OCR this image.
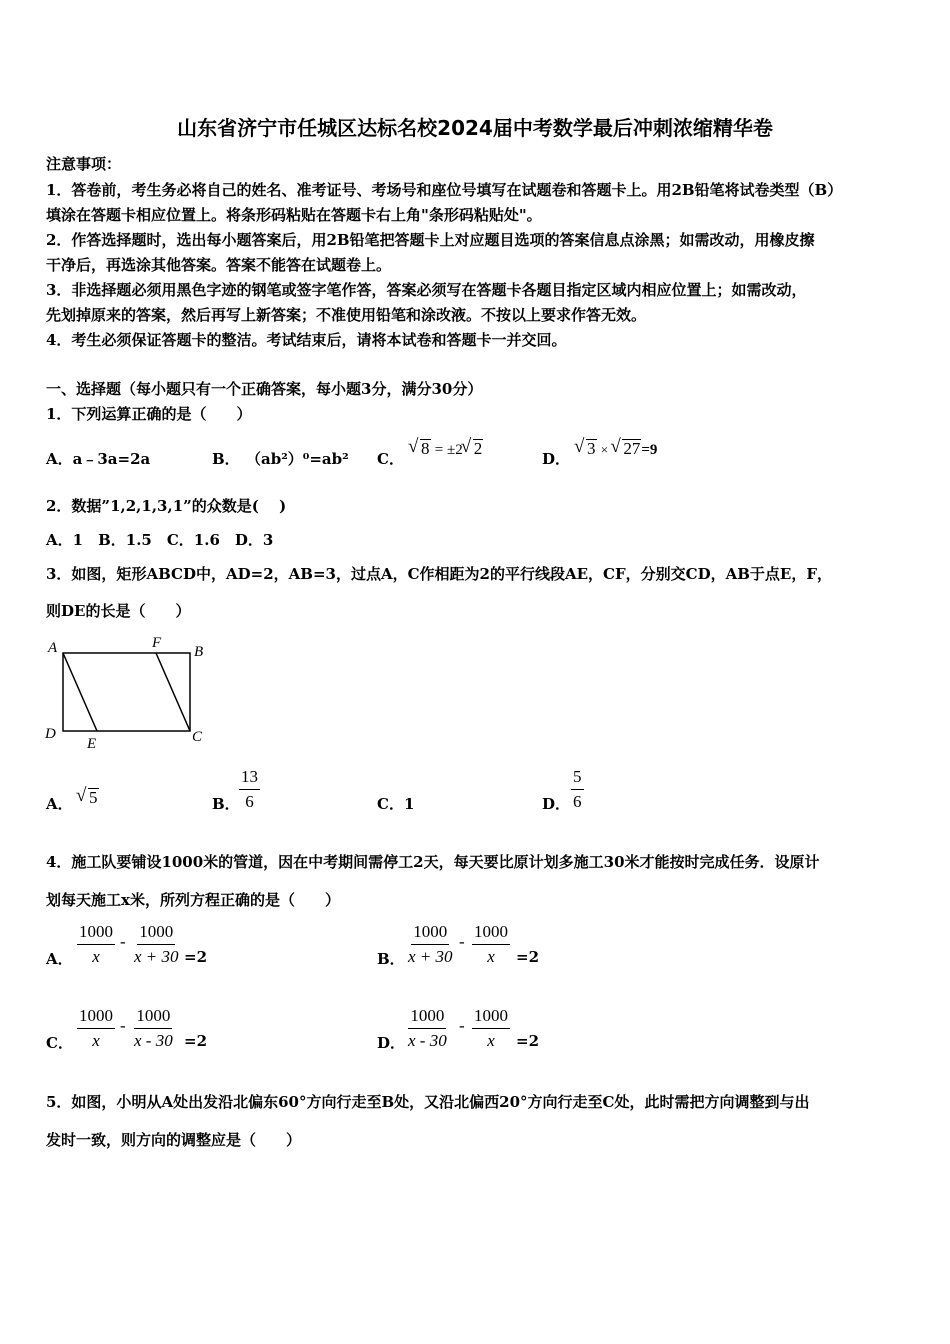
山东省济宁市任城区达标名校2024届中考数学最后冲刺浓缩精华卷
注意事项：
1．答卷前，考生务必将自己的姓名、准考证号、考场号和座位号填写在试题卷和答题卡上。用2B铅笔将试卷类型（B）
填涂在答题卡相应位置上。将条形码粘贴在答题卡右上角"条形码粘贴处"。
2．作答选择题时，选出每小题答案后，用2B铅笔把答题卡上对应题目选项的答案信息点涂黑；如需改动，用橡皮擦
干净后，再选涂其他答案。答案不能答在试题卷上。
3．非选择题必须用黑色字迹的钢笔或签字笔作答，答案必须写在答题卡各题目指定区域内相应位置上；如需改动，
先划掉原来的答案，然后再写上新答案；不准使用铅笔和涂改液。不按以上要求作答无效。
4．考生必须保证答题卡的整洁。考试结束后，请将本试卷和答题卡一并交回。
一、选择题（每小题只有一个正确答案，每小题3分，满分30分）
1．下列运算正确的是（　　）
A．a﹣3a=2a	B． （ab²）⁰=ab² C．
√ 8 = ±2 √ 2
D．
√ 3 × √ 27=9
2．数据”1,2,1,3,1”的众数是(　 )
A．1　B．1.5　C．1.6　D．3
3．如图，矩形ABCD中，AD=2，AB=3，过点A，C作相距为2的平行线段AE，CF，分别交CD，AB于点E，F，
则DE的长是（　　）
A	F
B
D
E	C
A． √ 5	B． $\frac{13}{6}$	C．1	D． $\frac{5}{6}$
4．施工队要铺设1000米的管道，因在中考期间需停工2天，每天要比原计划多施工30米才能按时完成任务．设原计
划每天施工x米，所列方程正确的是（　　）
A． $\frac{1000}{x} - \frac{1000}{x + 30} =2$	B． $\frac{1000}{x + 30} - \frac{1000}{x} =2$
C． $\frac{1000}{x} - \frac{1000}{x - 30} =2$	D． $\frac{1000}{x - 30} - \frac{1000}{x} =2$
5．如图，小明从A处出发沿北偏东60°方向行走至B处，又沿北偏西20°方向行走至C处，此时需把方向调整到与出
发时一致，则方向的调整应是（　　）
